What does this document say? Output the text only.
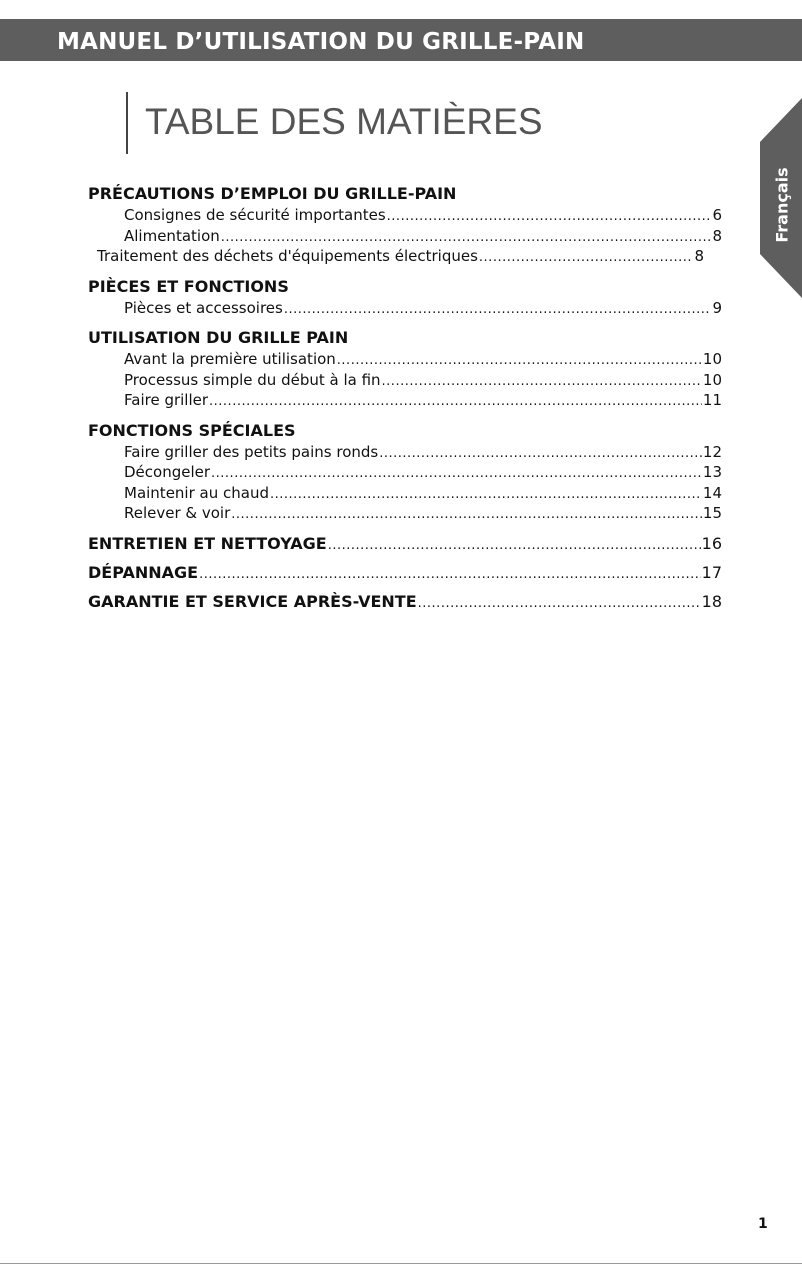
MANUEL D’UTILISATION DU GRILLE-PAIN
TABLE DES MATIÈRES
Français
PRÉCAUTIONS D’EMPLOI DU GRILLE-PAIN
Consignes de sécurité importantes .....	6
Alimentation .....	8
Traitement des déchets d'équipements électriques .....	8
PIÈCES ET FONCTIONS
Pièces et accessoires .....	9
UTILISATION DU GRILLE PAIN
Avant la première utilisation .....	10
Processus simple du début à la fin .....	10
Faire griller .....	11
FONCTIONS SPÉCIALES
Faire griller des petits pains ronds .....	12
Décongeler .....	13
Maintenir au chaud .....	14
Relever & voir .....	15
ENTRETIEN ET NETTOYAGE .....	16
DÉPANNAGE .....	17
GARANTIE ET SERVICE APRÈS-VENTE .....	18
1
